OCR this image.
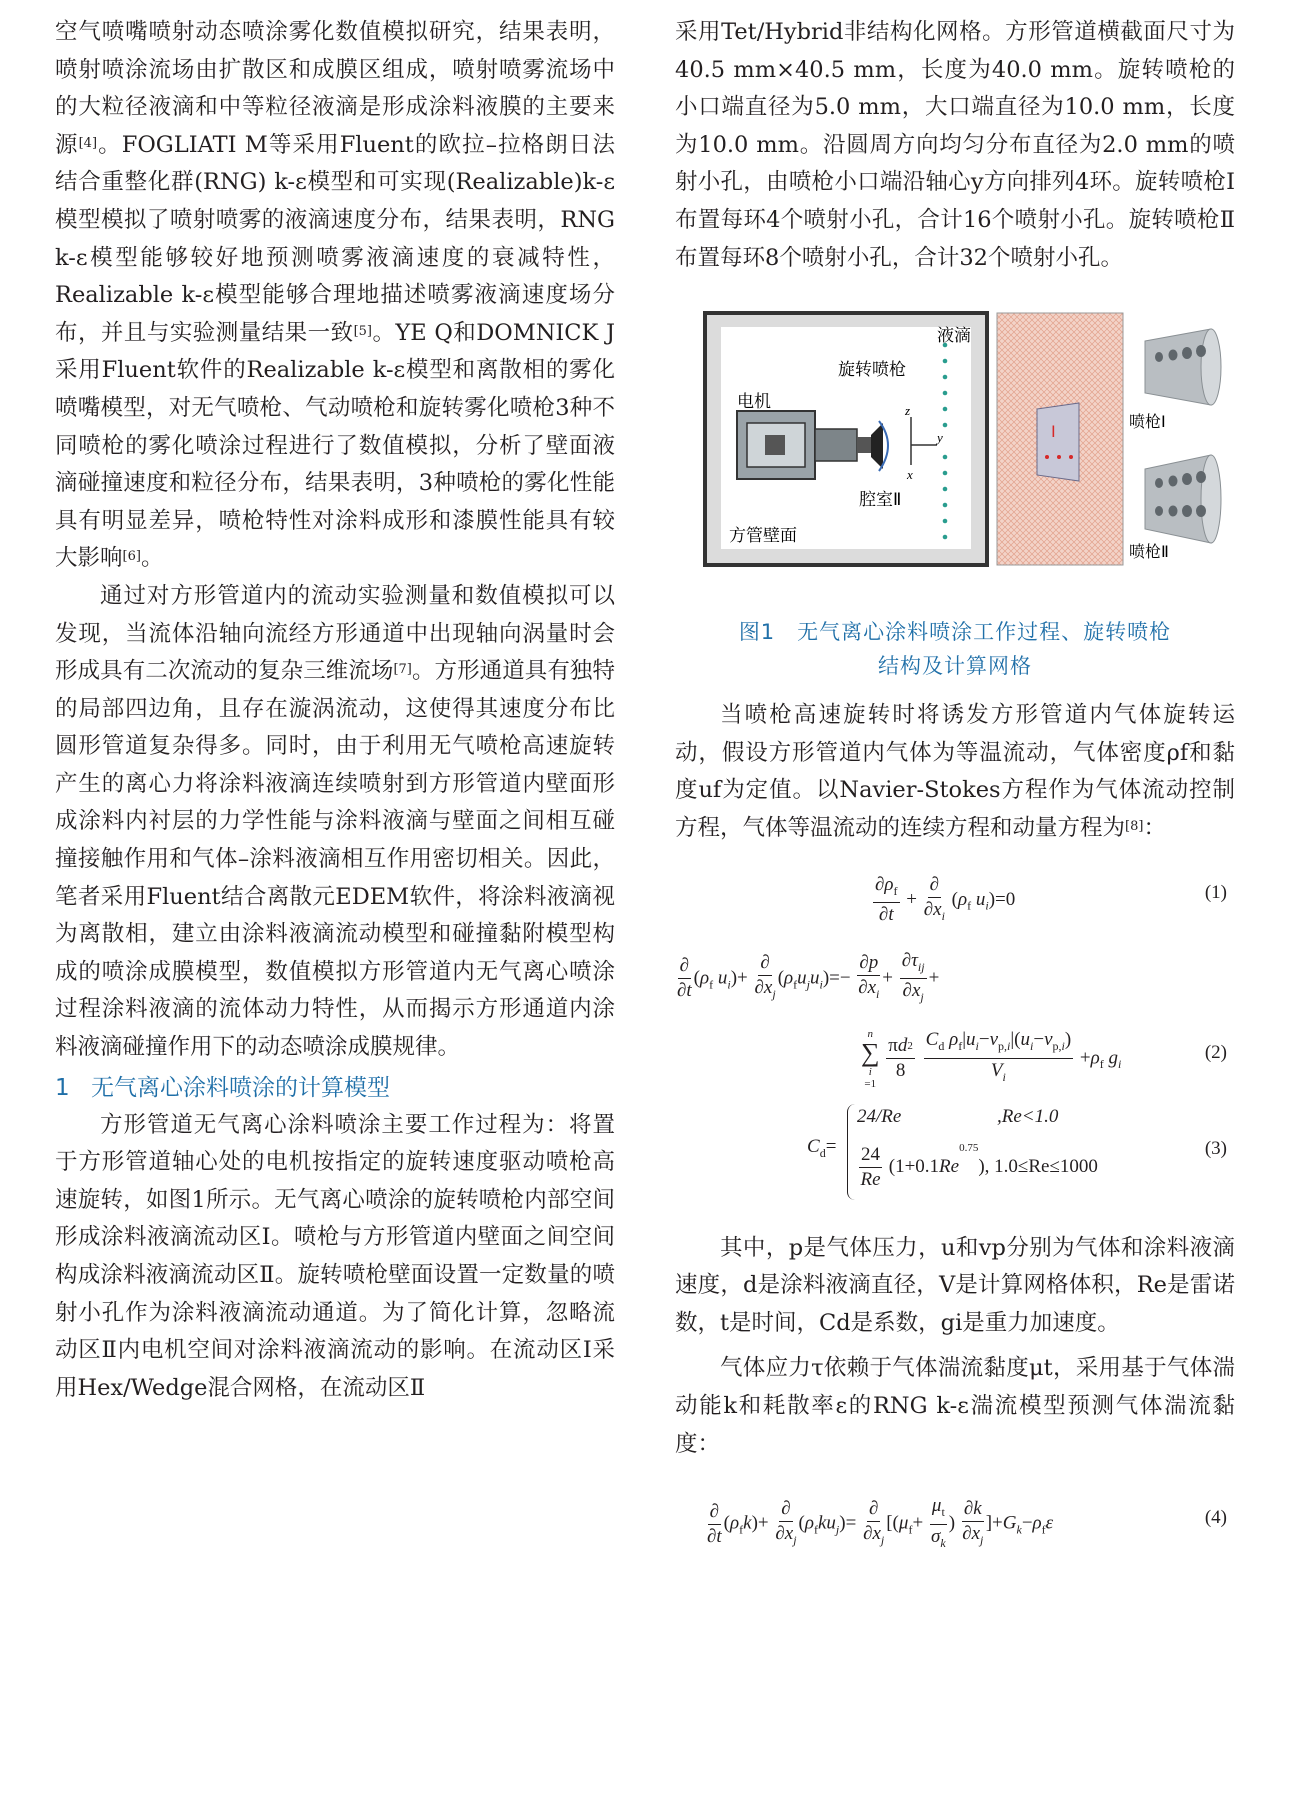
空气喷嘴喷射动态喷涂雾化数值模拟研究，结果表明，喷射喷涂流场由扩散区和成膜区组成，喷射喷雾流场中的大粒径液滴和中等粒径液滴是形成涂料液膜的主要来源[4]。FOGLIATI M等采用Fluent的欧拉–拉格朗日法结合重整化群(RNG) k-ε模型和可实现(Realizable)k-ε模型模拟了喷射喷雾的液滴速度分布，结果表明，RNG k-ε模型能够较好地预测喷雾液滴速度的衰减特性，Realizable k-ε模型能够合理地描述喷雾液滴速度场分布，并且与实验测量结果一致[5]。YE Q和DOMNICK J采用Fluent软件的Realizable k-ε模型和离散相的雾化喷嘴模型，对无气喷枪、气动喷枪和旋转雾化喷枪3种不同喷枪的雾化喷涂过程进行了数值模拟，分析了壁面液滴碰撞速度和粒径分布，结果表明，3种喷枪的雾化性能具有明显差异，喷枪特性对涂料成形和漆膜性能具有较大影响[6]。

通过对方形管道内的流动实验测量和数值模拟可以发现，当流体沿轴向流经方形通道中出现轴向涡量时会形成具有二次流动的复杂三维流场[7]。方形通道具有独特的局部四边角，且存在漩涡流动，这使得其速度分布比圆形管道复杂得多。同时，由于利用无气喷枪高速旋转产生的离心力将涂料液滴连续喷射到方形管道内壁面形成涂料内衬层的力学性能与涂料液滴与壁面之间相互碰撞接触作用和气体–涂料液滴相互作用密切相关。因此，笔者采用Fluent结合离散元EDEM软件，将涂料液滴视为离散相，建立由涂料液滴流动模型和碰撞黏附模型构成的喷涂成膜模型，数值模拟方形管道内无气离心喷涂过程涂料液滴的流体动力特性，从而揭示方形通道内涂料液滴碰撞作用下的动态喷涂成膜规律。

1 无气离心涂料喷涂的计算模型

方形管道无气离心涂料喷涂主要工作过程为：将置于方形管道轴心处的电机按指定的旋转速度驱动喷枪高速旋转，如图1所示。无气离心喷涂的旋转喷枪内部空间形成涂料液滴流动区Ⅰ。喷枪与方形管道内壁面之间空间构成涂料液滴流动区Ⅱ。旋转喷枪壁面设置一定数量的喷射小孔作为涂料液滴流动通道。为了简化计算，忽略流动区Ⅱ内电机空间对涂料液滴流动的影响。在流动区Ⅰ采用Hex/Wedge混合网格，在流动区Ⅱ

采用Tet/Hybrid非结构化网格。方形管道横截面尺寸为40.5 mm×40.5 mm，长度为40.0 mm。旋转喷枪的小口端直径为5.0 mm，大口端直径为10.0 mm，长度为10.0 mm。沿圆周方向均匀分布直径为2.0 mm的喷射小孔，由喷枪小口端沿轴心y方向排列4环。旋转喷枪Ⅰ布置每环4个喷射小孔，合计16个喷射小孔。旋转喷枪Ⅱ布置每环8个喷射小孔，合计32个喷射小孔。

z
y
x
液滴
旋转喷枪
电机
腔室Ⅱ
方管壁面
Ⅰ
喷枪Ⅰ
喷枪Ⅱ
图1　无气离心涂料喷涂工作过程、旋转喷枪
结构及计算网格

当喷枪高速旋转时将诱发方形管道内气体旋转运动，假设方形管道内气体为等温流动，气体密度ρf和黏度uf为定值。以Navier-Stokes方程作为气体流动控制方程，气体等温流动的连续方程和动量方程为[8]：

$\frac{\partial\rho_f}{\partial t} + \frac{\partial}{\partial x_i} (\rho_f$ $u_i)=0$	(1)
$\frac{\partial}{\partial t} (\rho_f$ $u_i)+ \frac{\partial}{\partial x_j} (\rho_fu_ju_i)=- \frac{\partial p}{\partial x_i} + \frac{\partial\tau_{ij}}{\partial x_j}$ +
n
∑
i
=1
$\frac{\pi d^2}{8}$
$\frac{C_d \rho_f|u_i-v_{p,i}|(u_i-v_{p,i})}{V_i} +\rho_f$ $g_i$
(2)
$C_d=$
24/Re	,Re<1.0
$\frac{24}{Re} (1+0.1Re^{0.75})$, 1.0≤Re≤1000
(3)

其中，p是气体压力，u和vp分别为气体和涂料液滴速度，d是涂料液滴直径，V是计算网格体积，Re是雷诺数，t是时间，Cd是系数，gi是重力加速度。

气体应力τ依赖于气体湍流黏度μt，采用基于气体湍动能k和耗散率ε的RNG k-ε湍流模型预测气体湍流黏度：

$\frac{\partial}{\partial t} (\rho_fk)+ \frac{\partial}{\partial x_j} (\rho_fku_j)= \frac{\partial}{\partial x_j} [(\mu_f+ \frac{\mu_t}{\sigma_k}$ ) $\frac{\partial k}{\partial x_j} ]+G_k-\rho_f\varepsilon$	(4)
